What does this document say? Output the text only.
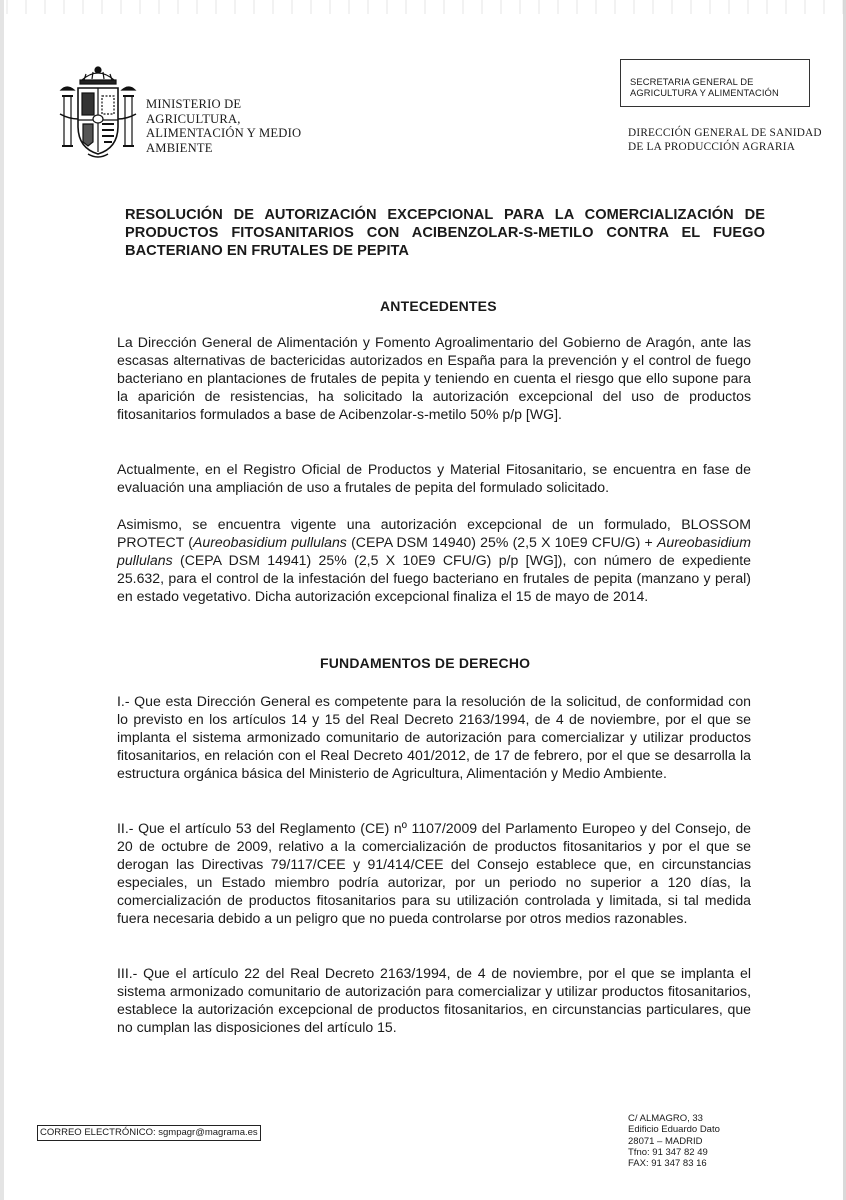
MINISTERIO DE
AGRICULTURA,
ALIMENTACIÓN Y MEDIO
AMBIENTE
SECRETARIA GENERAL DE
AGRICULTURA Y ALIMENTACIÓN
DIRECCIÓN GENERAL DE SANIDAD
DE LA PRODUCCIÓN AGRARIA
RESOLUCIÓN DE AUTORIZACIÓN EXCEPCIONAL PARA LA COMERCIALIZACIÓN DE PRODUCTOS FITOSANITARIOS CON ACIBENZOLAR-S-METILO CONTRA EL FUEGO BACTERIANO EN FRUTALES DE PEPITA
ANTECEDENTES

La Dirección General de Alimentación y Fomento Agroalimentario del Gobierno de Aragón, ante las escasas alternativas de bactericidas autorizados en España para la prevención y el control de fuego bacteriano en plantaciones de frutales de pepita y teniendo en cuenta el riesgo que ello supone para la aparición de resistencias, ha solicitado la autorización excepcional del uso de productos fitosanitarios formulados a base de Acibenzolar-s-metilo 50% p/p [WG].

Actualmente, en el Registro Oficial de Productos y Material Fitosanitario, se encuentra en fase de evaluación una ampliación de uso a frutales de pepita del formulado solicitado.

Asimismo, se encuentra vigente una autorización excepcional de un formulado, BLOSSOM PROTECT (Aureobasidium pullulans (CEPA DSM 14940) 25% (2,5 X 10E9 CFU/G) + Aureobasidium pullulans (CEPA DSM 14941) 25% (2,5 X 10E9 CFU/G) p/p [WG]), con número de expediente 25.632, para el control de la infestación del fuego bacteriano en frutales de pepita (manzano y peral) en estado vegetativo. Dicha autorización excepcional finaliza el 15 de mayo de 2014.

FUNDAMENTOS DE DERECHO

I.- Que esta Dirección General es competente para la resolución de la solicitud, de conformidad con lo previsto en los artículos 14 y 15 del Real Decreto 2163/1994, de 4 de noviembre, por el que se implanta el sistema armonizado comunitario de autorización para comercializar y utilizar productos fitosanitarios, en relación con el Real Decreto 401/2012, de 17 de febrero, por el que se desarrolla la estructura orgánica básica del Ministerio de Agricultura, Alimentación y Medio Ambiente.

II.- Que el artículo 53 del Reglamento (CE) nº 1107/2009 del Parlamento Europeo y del Consejo, de 20 de octubre de 2009, relativo a la comercialización de productos fitosanitarios y por el que se derogan las Directivas 79/117/CEE y 91/414/CEE del Consejo establece que, en circunstancias especiales, un Estado miembro podría autorizar, por un periodo no superior a 120 días, la comercialización de productos fitosanitarios para su utilización controlada y limitada, si tal medida fuera necesaria debido a un peligro que no pueda controlarse por otros medios razonables.

III.- Que el artículo 22 del Real Decreto 2163/1994, de 4 de noviembre, por el que se implanta el sistema armonizado comunitario de autorización para comercializar y utilizar productos fitosanitarios, establece la autorización excepcional de productos fitosanitarios, en circunstancias particulares, que no cumplan las disposiciones del artículo 15.

CORREO ELECTRÓNICO: sgmpagr@magrama.es
C/ ALMAGRO, 33
Edificio Eduardo Dato
28071 – MADRID
Tfno: 91 347 82 49
FAX: 91 347 83 16
